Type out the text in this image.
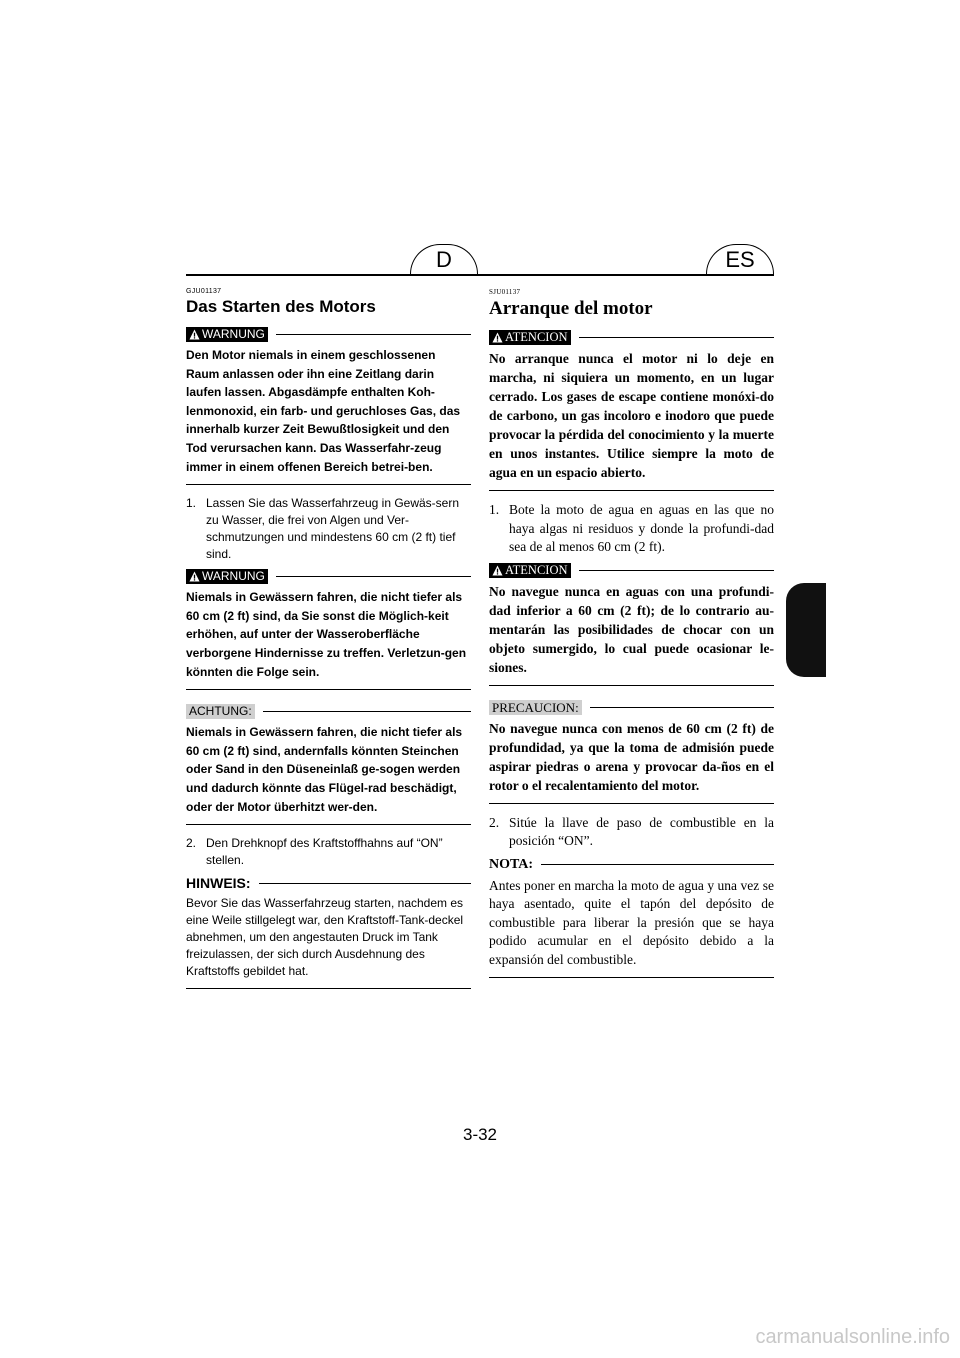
D	ES

GJU01137

Das Starten des Motors
WARNUNG

Den Motor niemals in einem geschlossenen Raum anlassen oder ihn eine Zeitlang darin laufen lassen. Abgasdämpfe enthalten Koh-lenmonoxid, ein farb- und geruchloses Gas, das innerhalb kurzer Zeit Bewußtlosigkeit und den Tod verursachen kann. Das Wasserfahr-zeug immer in einem offenen Bereich betrei-ben.

1. Lassen Sie das Wasserfahrzeug in Gewäs-sern zu Wasser, die frei von Algen und Ver-schmutzungen und mindestens 60 cm (2 ft) tief sind.
WARNUNG

Niemals in Gewässern fahren, die nicht tiefer als 60 cm (2 ft) sind, da Sie sonst die Möglich-keit erhöhen, auf unter der Wasseroberfläche verborgene Hindernisse zu treffen. Verletzun-gen könnten die Folge sein.

ACHTUNG:

Niemals in Gewässern fahren, die nicht tiefer als 60 cm (2 ft) sind, andernfalls könnten Steinchen oder Sand in den Düseneinlaß ge-sogen werden und dadurch könnte das Flügel-rad beschädigt, oder der Motor überhitzt wer-den.

2. Den Drehknopf des Kraftstoffhahns auf “ON” stellen.
HINWEIS:

Bevor Sie das Wasserfahrzeug starten, nachdem es eine Weile stillgelegt war, den Kraftstoff-Tank-deckel abnehmen, um den angestauten Druck im Tank freizulassen, der sich durch Ausdehnung des Kraftstoffs gebildet hat.

SJU01137

Arranque del motor
ATENCION

No arranque nunca el motor ni lo deje en marcha, ni siquiera un momento, en un lugar cerrado. Los gases de escape contiene monóxi-do de carbono, un gas incoloro e inodoro que puede provocar la pérdida del conocimiento y la muerte en unos instantes. Utilice siempre la moto de agua en un espacio abierto.

1. Bote la moto de agua en aguas en las que no haya algas ni residuos y donde la profundi-dad sea de al menos 60 cm (2 ft).
ATENCION

No navegue nunca en aguas con una profundi-dad inferior a 60 cm (2 ft); de lo contrario au-mentarán las posibilidades de chocar con un objeto sumergido, lo cual puede ocasionar le-siones.

PRECAUCION:

No navegue nunca con menos de 60 cm (2 ft) de profundidad, ya que la toma de admisión puede aspirar piedras o arena y provocar da-ños en el rotor o el recalentamiento del motor.

2. Sitúe la llave de paso de combustible en la posición “ON”.
NOTA:

Antes poner en marcha la moto de agua y una vez se haya asentado, quite el tapón del depósito de combustible para liberar la presión que se haya podido acumular en el depósito debido a la expansión del combustible.

3-32
carmanualsonline.info
